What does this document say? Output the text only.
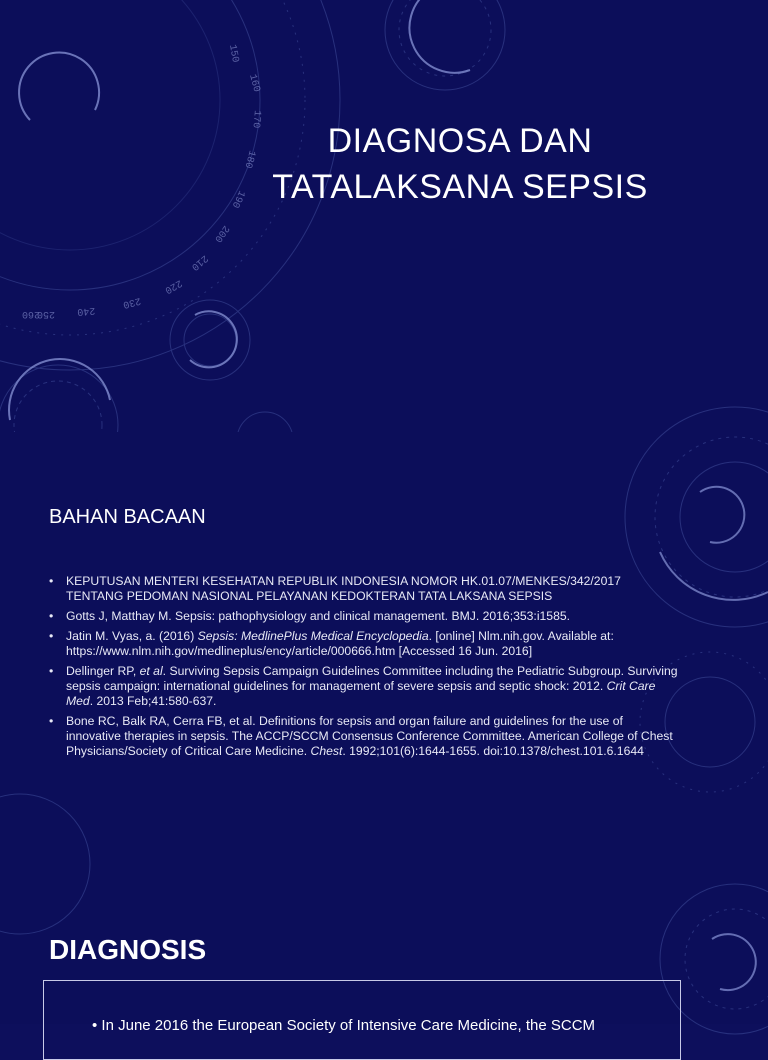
150
160
170
180
190
200
210
220
230
240
250
260
DIAGNOSA DAN
TATALAKSANA SEPSIS
BAHAN BACAAN
• KEPUTUSAN MENTERI KESEHATAN REPUBLIK INDONESIA NOMOR HK.01.07/MENKES/342/2017 TENTANG PEDOMAN NASIONAL PELAYANAN KEDOKTERAN TATA LAKSANA SEPSIS
• Gotts J, Matthay M. Sepsis: pathophysiology and clinical management. BMJ. 2016;353:i1585.
• Jatin M. Vyas, a. (2016) Sepsis: MedlinePlus Medical Encyclopedia. [online] Nlm.nih.gov. Available at: https://www.nlm.nih.gov/medlineplus/ency/article/000666.htm [Accessed 16 Jun. 2016]
• Dellinger RP, et al. Surviving Sepsis Campaign Guidelines Committee including the Pediatric Subgroup. Surviving sepsis campaign: international guidelines for management of severe sepsis and septic shock: 2012. Crit Care Med. 2013 Feb;41:580-637.
• Bone RC, Balk RA, Cerra FB, et al. Definitions for sepsis and organ failure and guidelines for the use of innovative therapies in sepsis. The ACCP/SCCM Consensus Conference Committee. American College of Chest Physicians/Society of Critical Care Medicine. Chest. 1992;101(6):1644-1655. doi:10.1378/chest.101.6.1644
DIAGNOSIS
• In June 2016 the European Society of Intensive Care Medicine, the SCCM
